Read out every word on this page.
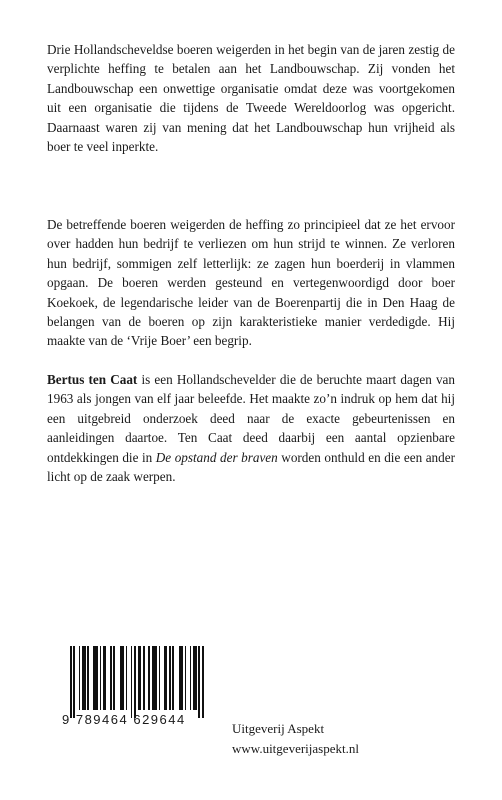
Drie Hollandscheveldse boeren weigerden in het begin van de jaren zestig de verplichte heffing te betalen aan het Landbouwschap. Zij vonden het Landbouwschap een onwettige organisatie omdat deze was voortgekomen uit een organisatie die tijdens de Tweede Wereldoorlog was opgericht. Daarnaast waren zij van mening dat het Landbouwschap hun vrijheid als boer te veel inperkte.

De betreffende boeren weigerden de heffing zo principieel dat ze het ervoor over hadden hun bedrijf te verliezen om hun strijd te winnen. Ze verloren hun bedrijf, sommigen zelf letterlijk: ze zagen hun boerderij in vlammen opgaan. De boeren werden gesteund en vertegenwoordigd door boer Koekoek, de legendarische leider van de Boerenpartij die in Den Haag de belangen van de boeren op zijn karakteristieke manier verdedigde. Hij maakte van de ‘Vrije Boer’ een begrip.

Bertus ten Caat is een Hollandschevelder die de beruchte maart dagen van 1963 als jongen van elf jaar beleefde. Het maakte zo’n indruk op hem dat hij een uitgebreid onderzoek deed naar de exacte gebeurtenissen en aanleidingen daartoe. Ten Caat deed daarbij een aantal opzienbare ontdekkingen die in De opstand der braven worden onthuld en die een ander licht op de zaak werpen.

9 789464 629644
Uitgeverij Aspekt
www.uitgeverijaspekt.nl
